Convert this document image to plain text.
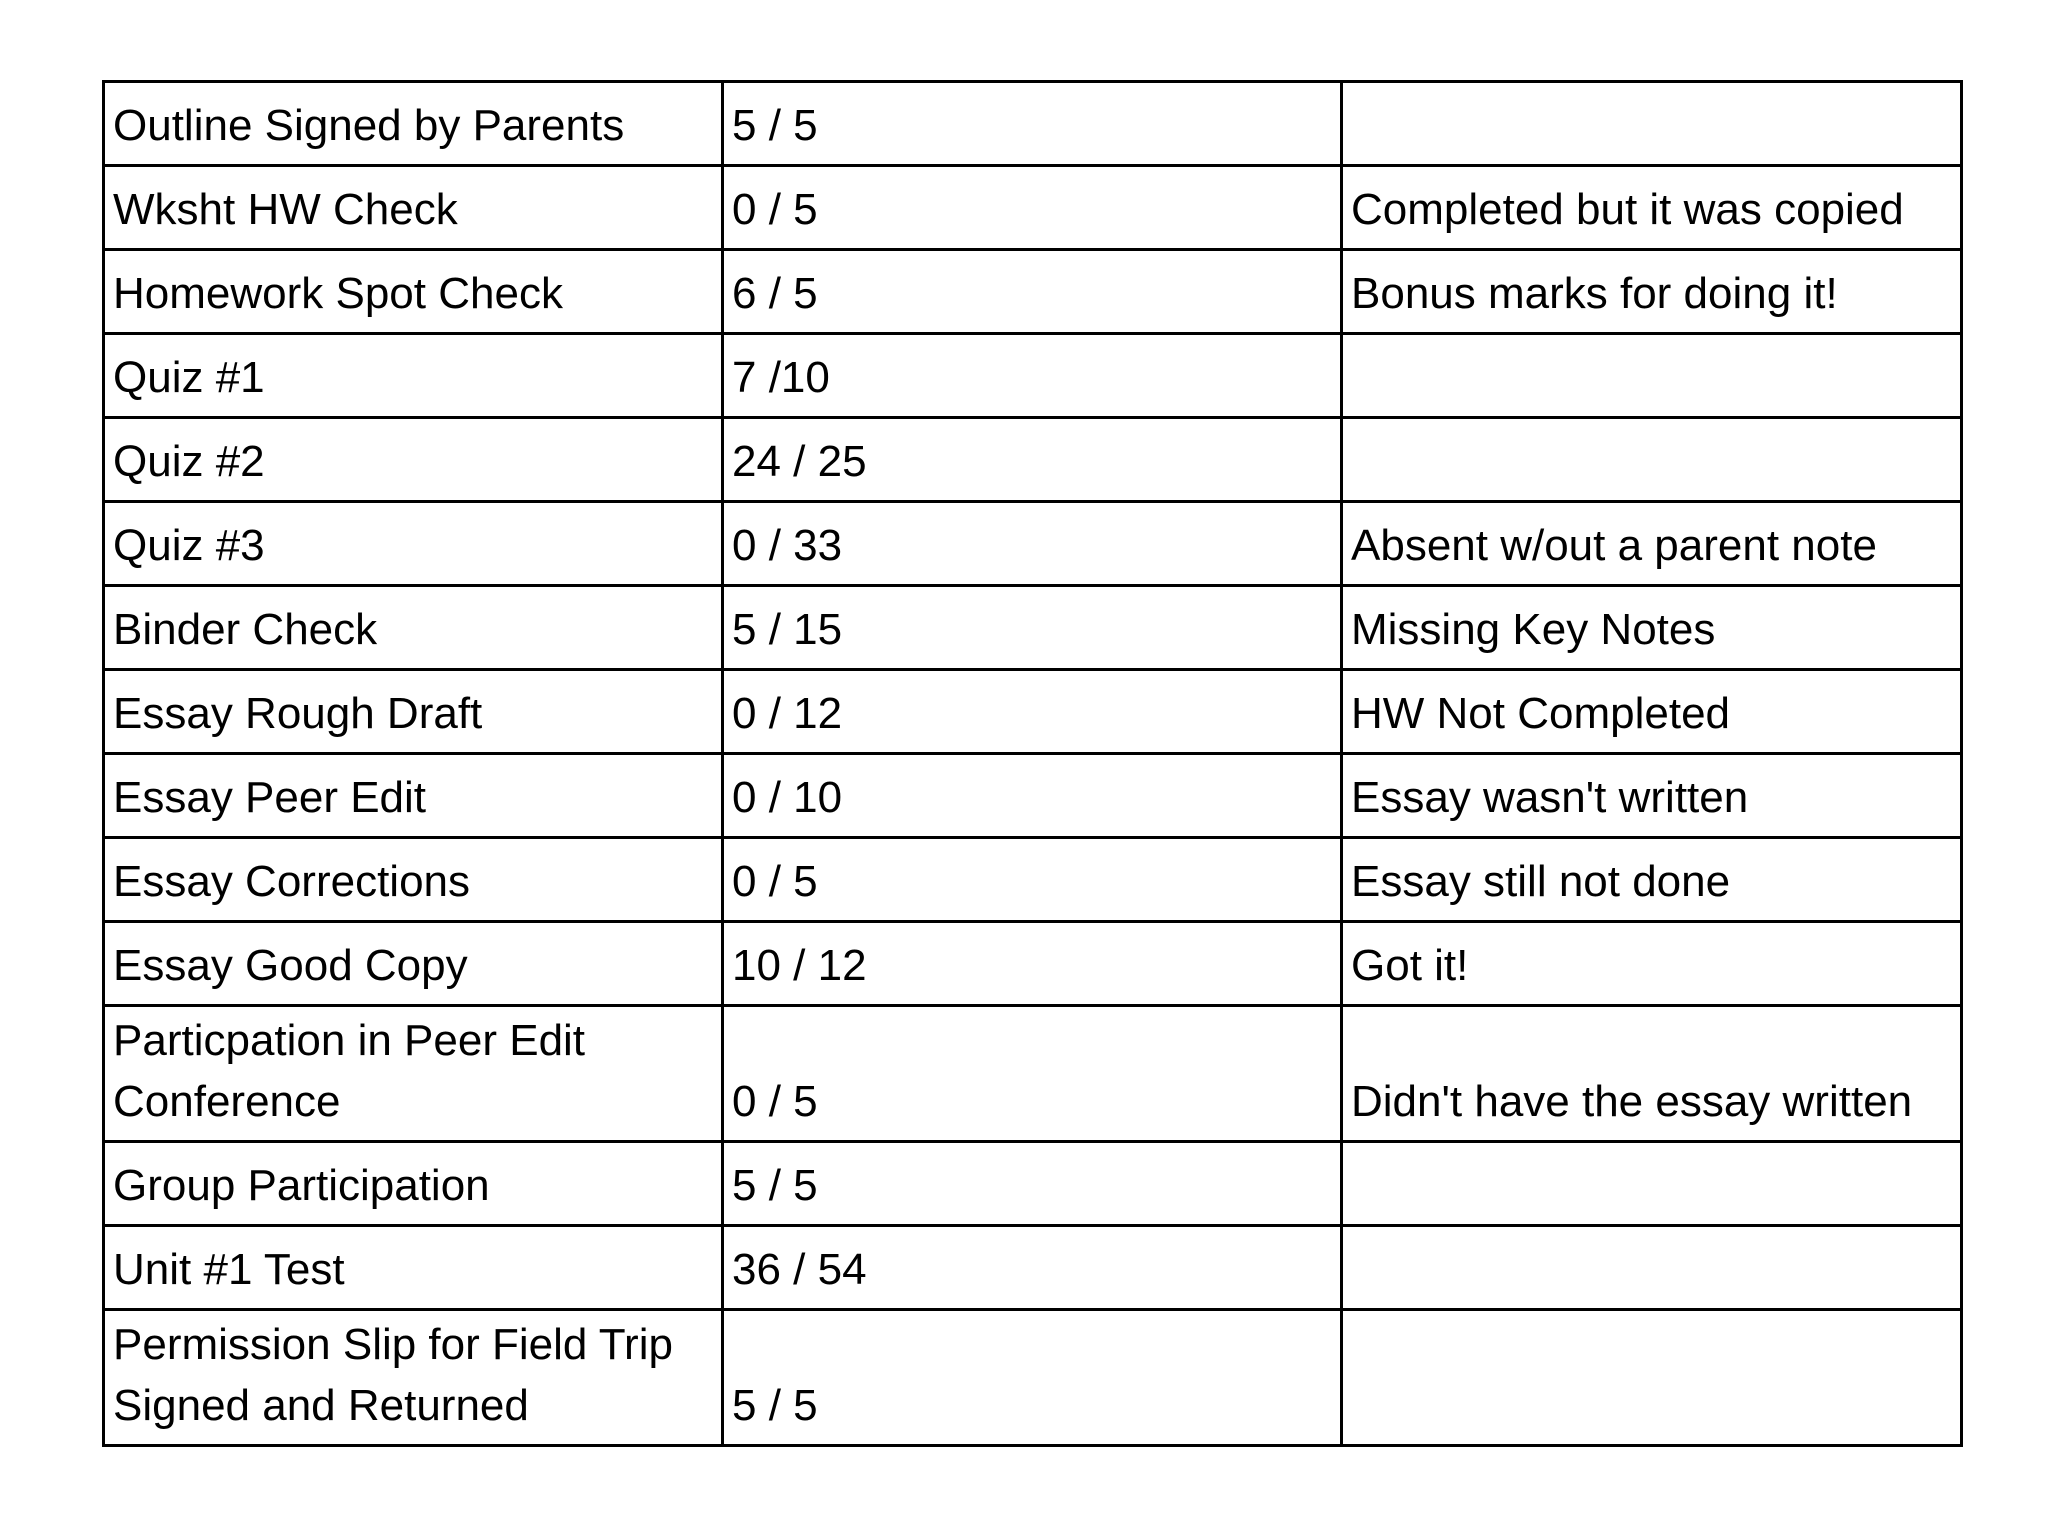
Outline Signed by Parents	5 / 5	
Wksht HW Check	0 / 5	Completed but it was copied
Homework Spot Check	6 / 5	Bonus marks for doing it!
Quiz #1	7 /10	
Quiz #2	24 / 25	
Quiz #3	0 / 33	Absent w/out a parent note
Binder Check	5 / 15	Missing Key Notes
Essay Rough Draft	0 / 12	HW Not Completed
Essay Peer Edit	0 / 10	Essay wasn't written
Essay Corrections	0 / 5	Essay still not done
Essay Good Copy	10 / 12	Got it!
Particpation in Peer Edit Conference	0 / 5	Didn't have the essay written
Group Participation	5 / 5	
Unit #1 Test	36 / 54	
Permission Slip for Field Trip Signed and Returned	5 / 5	
